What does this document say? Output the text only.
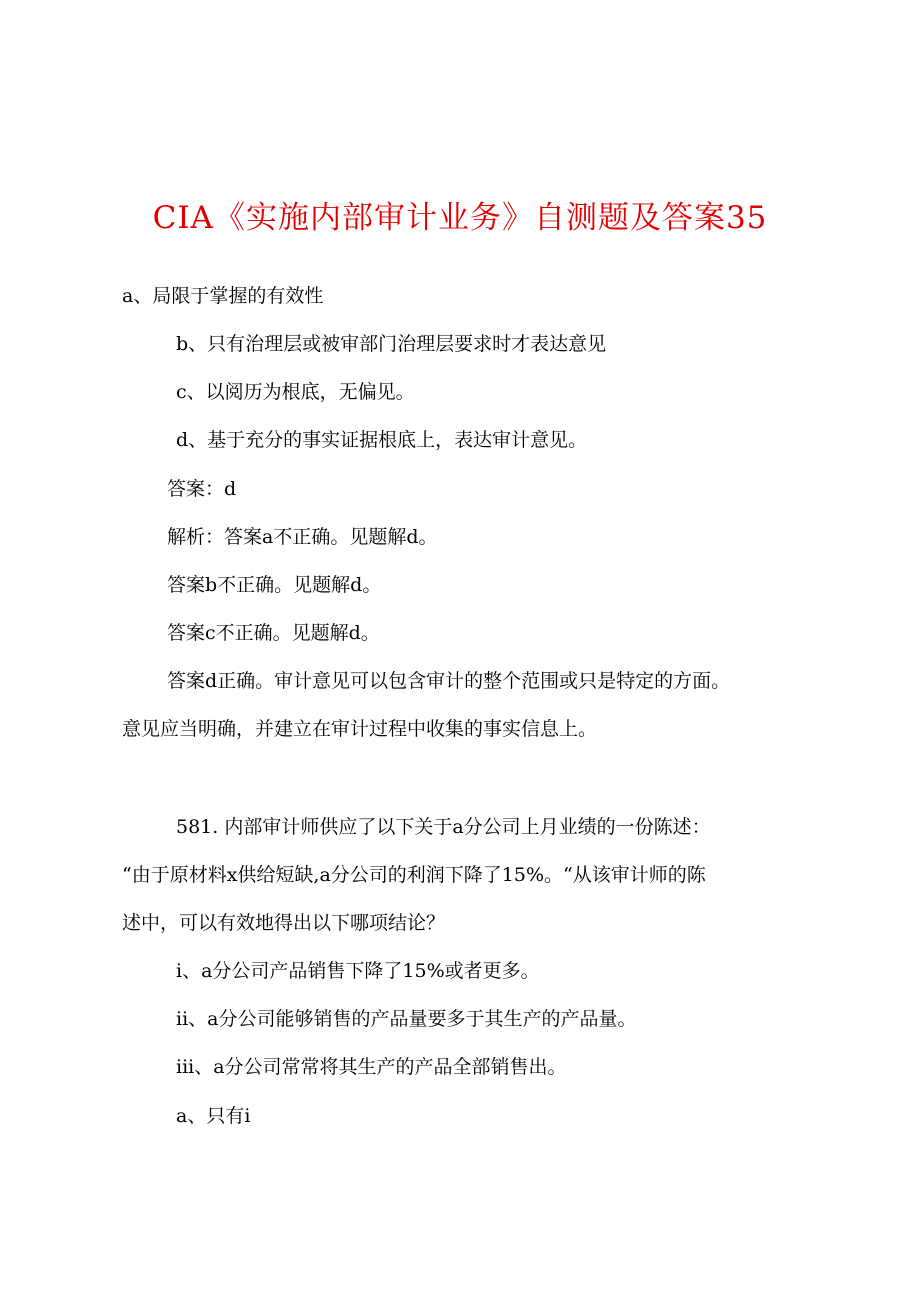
CIA《实施内部审计业务》自测题及答案35

a、局限于掌握的有效性

b、只有治理层或被审部门治理层要求时才表达意见

c、以阅历为根底，无偏见。

d、基于充分的事实证据根底上，表达审计意见。

答案：d

解析：答案a不正确。见题解d。

答案b不正确。见题解d。

答案c不正确。见题解d。

答案d正确。审计意见可以包含审计的整个范围或只是特定的方面。

意见应当明确，并建立在审计过程中收集的事实信息上。

581. 内部审计师供应了以下关于a分公司上月业绩的一份陈述：

“由于原材料x供给短缺,a分公司的利润下降了15%。“从该审计师的陈

述中，可以有效地得出以下哪项结论？

i、a分公司产品销售下降了15%或者更多。

ii、a分公司能够销售的产品量要多于其生产的产品量。

iii、a分公司常常将其生产的产品全部销售出。

a、只有i
